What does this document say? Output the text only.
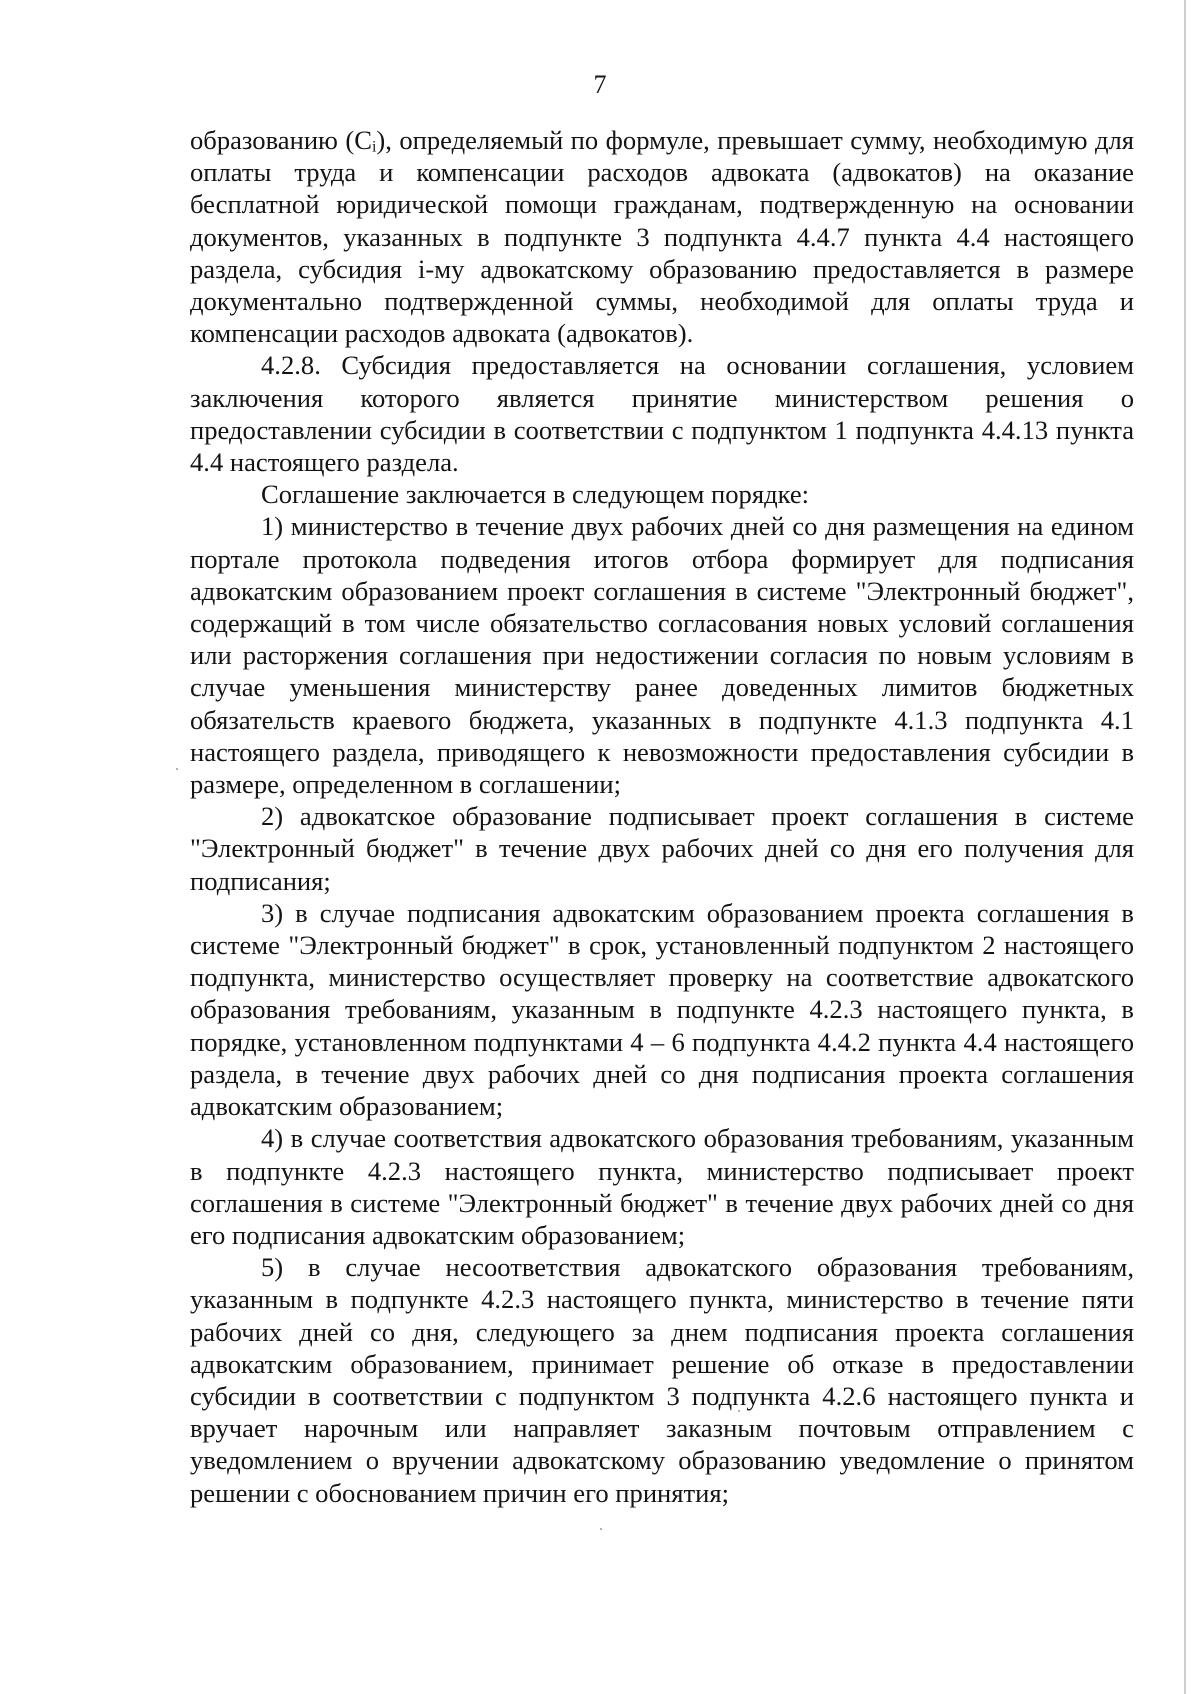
7

образованию (Cᵢ), определяемый по формуле, превышает сумму, необходимую для оплаты труда и компенсации расходов адвоката (адвокатов) на оказание бесплатной юридической помощи гражданам, подтвержденную на основании документов, указанных в подпункте 3 подпункта 4.4.7 пункта 4.4 настоящего раздела, субсидия i-му адвокатскому образованию предоставляется в размере документально подтвержденной суммы, необходимой для оплаты труда и компенсации расходов адвоката (адвокатов).

4.2.8. Субсидия предоставляется на основании соглашения, условием заключения которого является принятие министерством решения о предоставлении субсидии в соответствии с подпунктом 1 подпункта 4.4.13 пункта 4.4 настоящего раздела.

Соглашение заключается в следующем порядке:

1) министерство в течение двух рабочих дней со дня размещения на едином портале протокола подведения итогов отбора формирует для подписания адвокатским образованием проект соглашения в системе "Электронный бюджет", содержащий в том числе обязательство согласования новых условий соглашения или расторжения соглашения при недостижении согласия по новым условиям в случае уменьшения министерству ранее доведенных лимитов бюджетных обязательств краевого бюджета, указанных в подпункте 4.1.3 подпункта 4.1 настоящего раздела, приводящего к невозможности предоставления субсидии в размере, определенном в соглашении;

2) адвокатское образование подписывает проект соглашения в системе "Электронный бюджет" в течение двух рабочих дней со дня его получения для подписания;

3) в случае подписания адвокатским образованием проекта соглашения в системе "Электронный бюджет" в срок, установленный подпунктом 2 настоящего подпункта, министерство осуществляет проверку на соответствие адвокатского образования требованиям, указанным в подпункте 4.2.3 настоящего пункта, в порядке, установленном подпунктами 4 – 6 подпункта 4.4.2 пункта 4.4 настоящего раздела, в течение двух рабочих дней со дня подписания проекта соглашения адвокатским образованием;

4) в случае соответствия адвокатского образования требованиям, указанным в подпункте 4.2.3 настоящего пункта, министерство подписывает проект соглашения в системе "Электронный бюджет" в течение двух рабочих дней со дня его подписания адвокатским образованием;

5) в случае несоответствия адвокатского образования требованиям, указанным в подпункте 4.2.3 настоящего пункта, министерство в течение пяти рабочих дней со дня, следующего за днем подписания проекта соглашения адвокатским образованием, принимает решение об отказе в предоставлении субсидии в соответствии с подпунктом 3 подпункта 4.2.6 настоящего пункта и вручает нарочным или направляет заказным почтовым отправлением с уведомлением о вручении адвокатскому образованию уведомление о принятом решении с обоснованием причин его принятия;
